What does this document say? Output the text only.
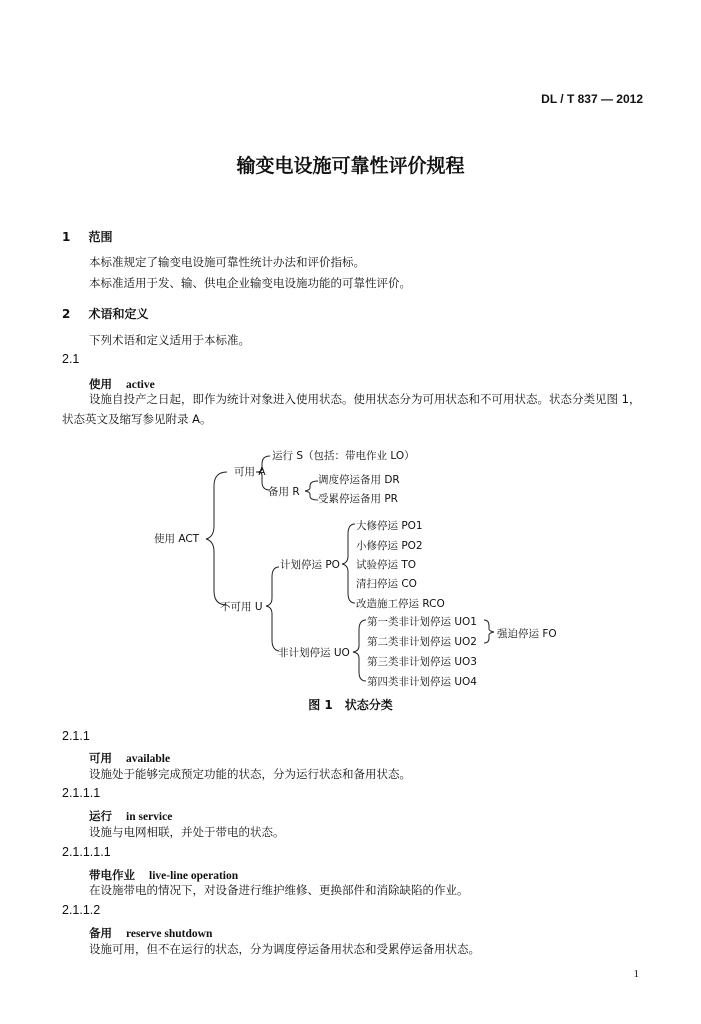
DL / T 837 — 2012
输变电设施可靠性评价规程
1 范围
本标准规定了输变电设施可靠性统计办法和评价指标。
本标准适用于发、输、供电企业输变电设施功能的可靠性评价。
2 术语和定义
下列术语和定义适用于本标准。
2.1
使用 active
设施自投产之日起，即作为统计对象进入使用状态。使用状态分为可用状态和不可用状态。状态分类见图 1，状态英文及缩写参见附录 A。
使用 ACT
可用 A
运行 S（包括：带电作业 LO）
备用 R
调度停运备用 DR
受累停运备用 PR
不可用 U
计划停运 PO
大修停运 PO1
小修停运 PO2
试验停运 TO
清扫停运 CO
改造施工停运 RCO
非计划停运 UO
第一类非计划停运 UO1
第二类非计划停运 UO2
第三类非计划停运 UO3
第四类非计划停运 UO4
强迫停运 FO
图 1　状态分类
2.1.1
可用 available
设施处于能够完成预定功能的状态，分为运行状态和备用状态。
2.1.1.1
运行 in service
设施与电网相联，并处于带电的状态。
2.1.1.1.1
带电作业 live-line operation
在设施带电的情况下，对设备进行维护维修、更换部件和消除缺陷的作业。
2.1.1.2
备用 reserve shutdown
设施可用，但不在运行的状态，分为调度停运备用状态和受累停运备用状态。
1
